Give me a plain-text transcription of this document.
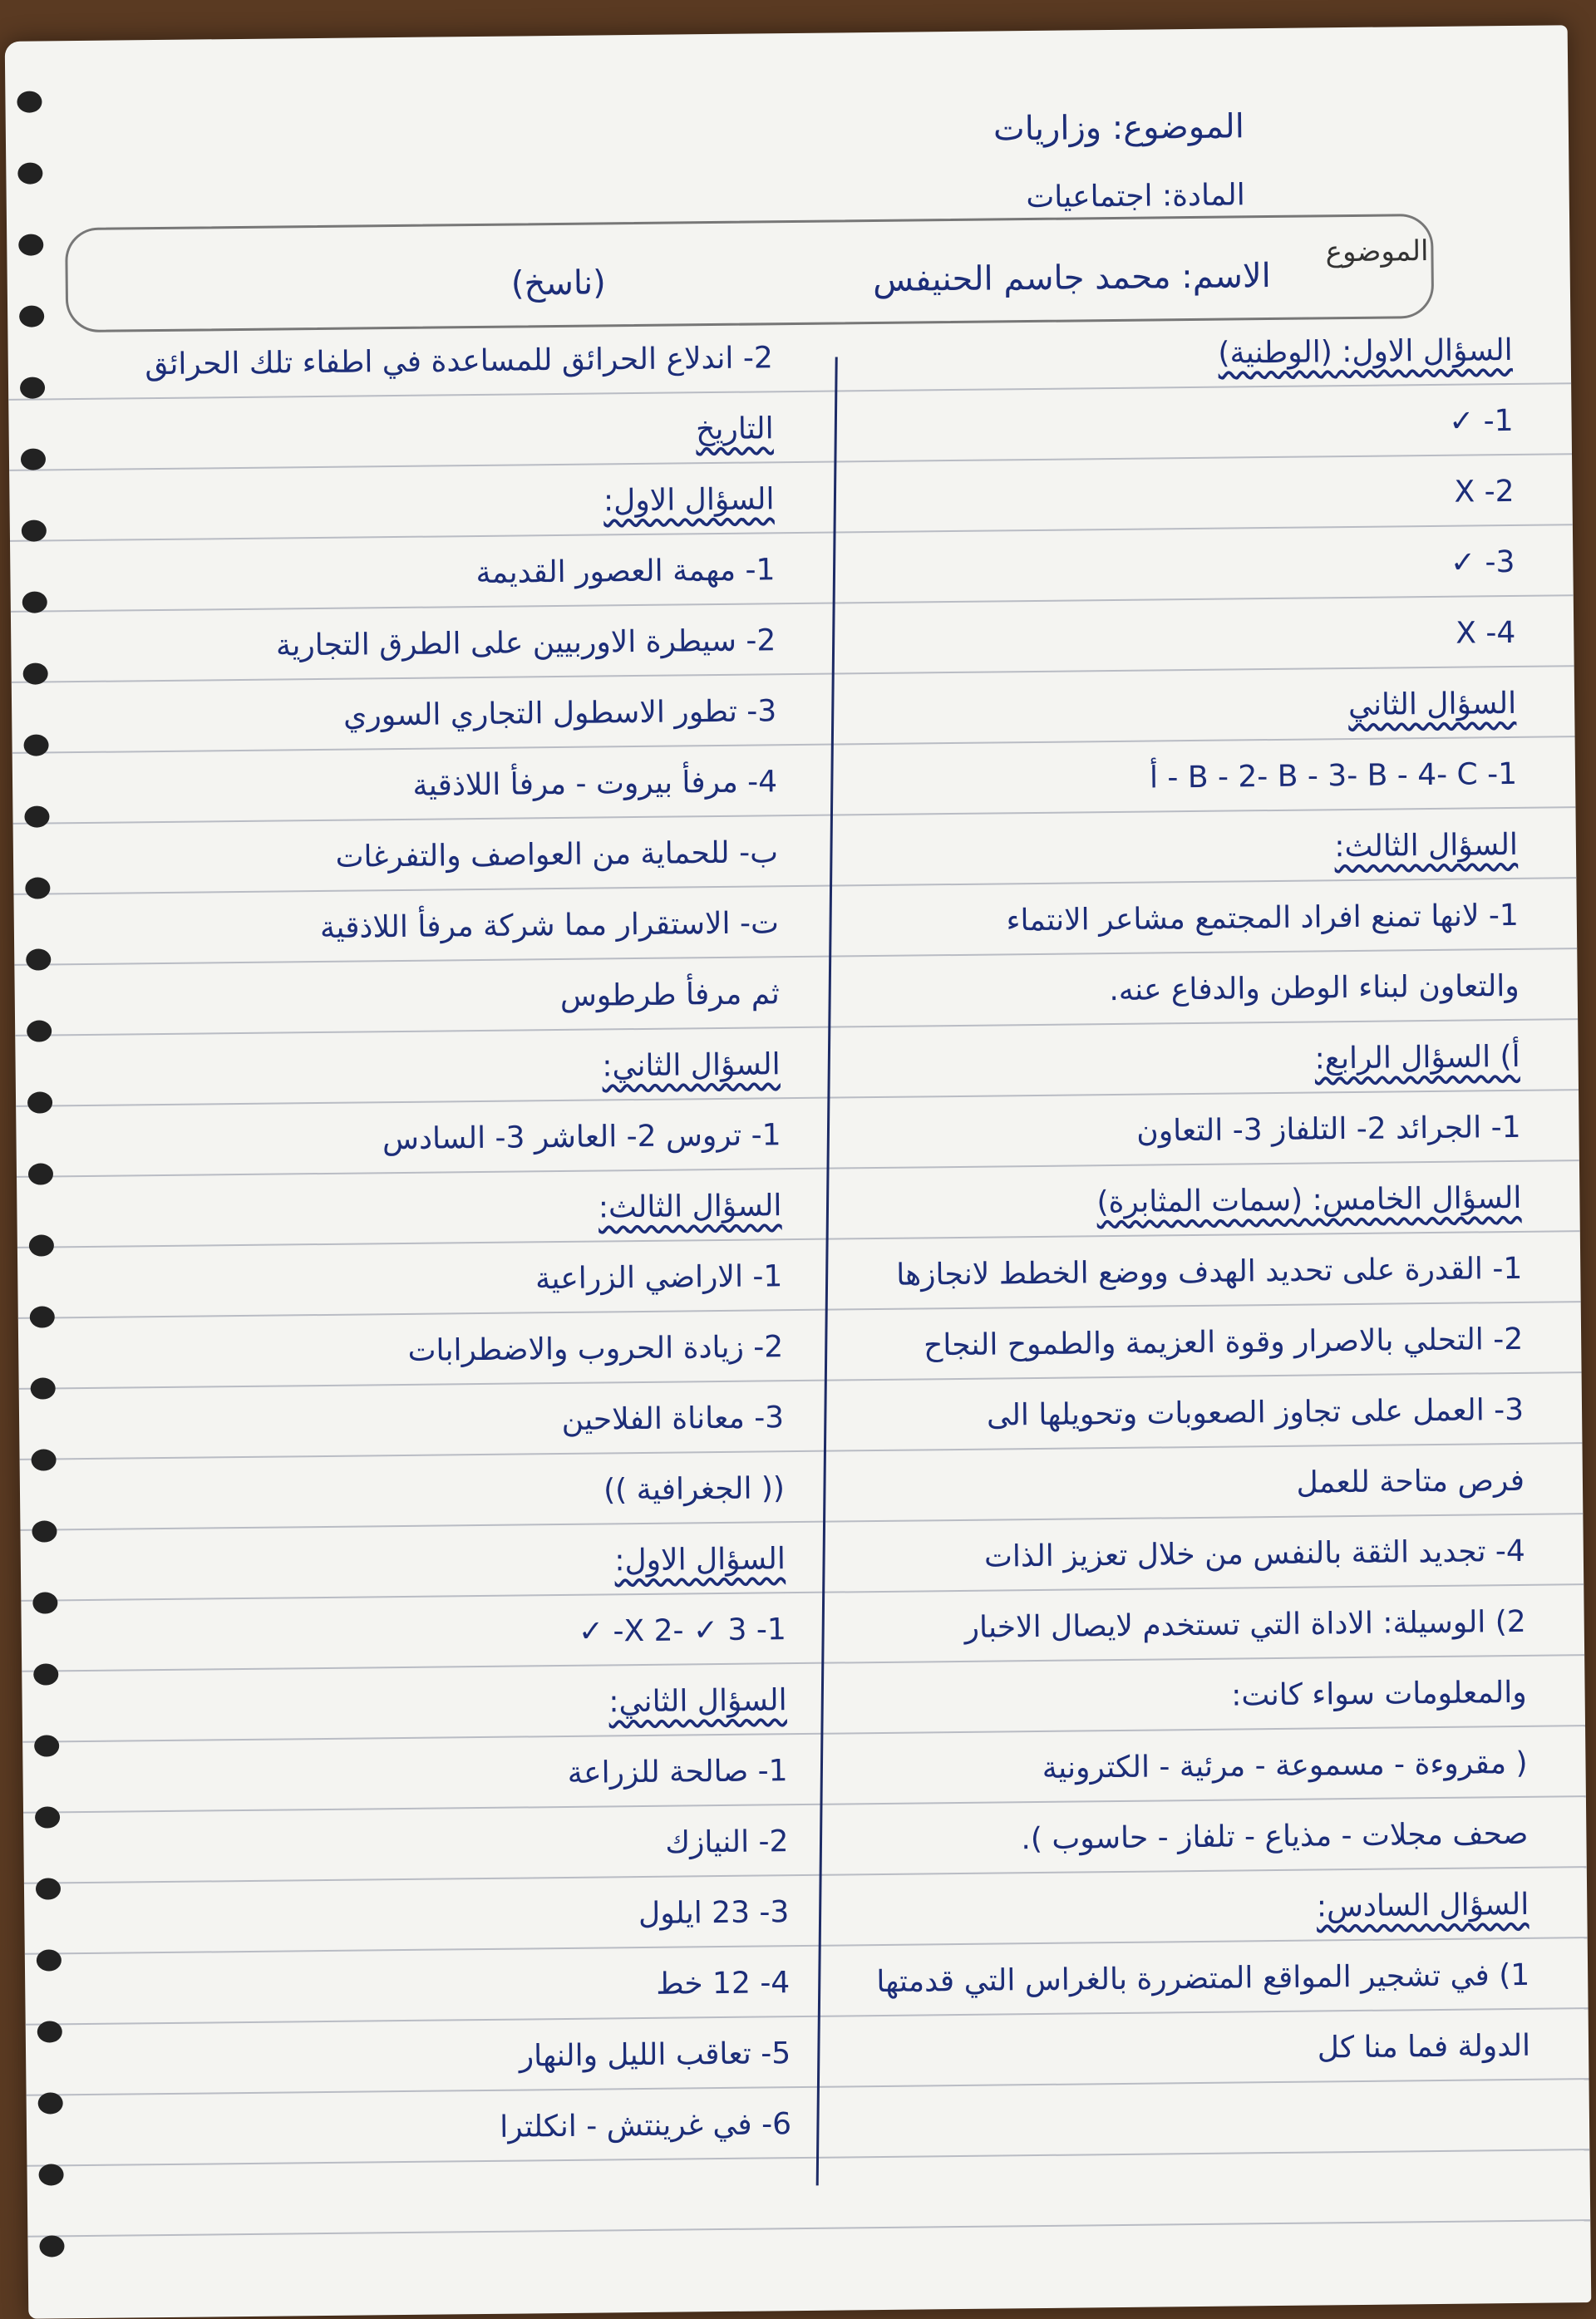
الموضوع
الموضوع: وزاريات
المادة: اجتماعيات
الاسم: محمد جاسم الحنيفس
(ناسخ)
السؤال الاول: (الوطنية)
1- ✓
2- X
3- ✓
4- X
السؤال الثاني
1- B - 2- B - 3- B - 4- C - أ
السؤال الثالث:
1- لانها تمنع افراد المجتمع مشاعر الانتماء
والتعاون لبناء الوطن والدفاع عنه.
أ) السؤال الرابع:
1- الجرائد 2- التلفاز 3- التعاون
السؤال الخامس: (سمات المثابرة)
1- القدرة على تحديد الهدف ووضع الخطط لانجازها
2- التحلي بالاصرار وقوة العزيمة والطموح النجاح
3- العمل على تجاوز الصعوبات وتحويلها الى
فرص متاحة للعمل
4- تجديد الثقة بالنفس من خلال تعزيز الذات
2) الوسيلة: الاداة التي تستخدم لايصال الاخبار
والمعلومات سواء كانت:
( مقروءة - مسموعة - مرئية - الكترونية
صحف مجلات - مذياع - تلفاز - حاسوب ).
السؤال السادس:
1) في تشجير المواقع المتضررة بالغراس التي قدمتها
الدولة فما منا كل
2- اندلاع الحرائق للمساعدة في اطفاء تلك الحرائق
التاريخ
السؤال الاول:
1- مهمة العصور القديمة
2- سيطرة الاوربيين على الطرق التجارية
3- تطور الاسطول التجاري السوري
4- مرفأ بيروت - مرفأ اللاذقية
ب- للحماية من العواصف والتفرغات
ت- الاستقرار مما شركة مرفأ اللاذقية
ثم مرفأ طرطوس
السؤال الثاني:
1- تروس 2- العاشر 3- السادس
السؤال الثالث:
1- الاراضي الزراعية
2- زيادة الحروب والاضطرابات
3- معاناة الفلاحين
(( الجغرافية ))
السؤال الاول:
1- X 2- ✓ 3- ✓
السؤال الثاني:
1- صالحة للزراعة
2- النيازك
3- 23 ايلول
4- 12 خط
5- تعاقب الليل والنهار
6- في غرينتش - انكلترا
